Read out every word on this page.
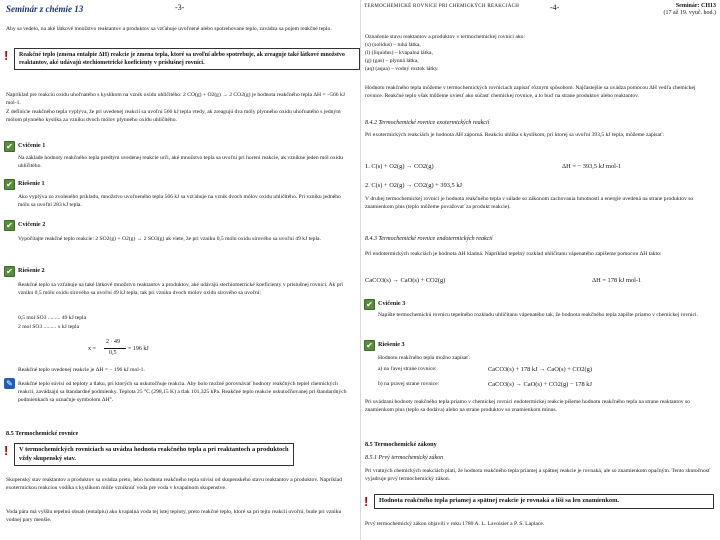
Seminár z chémie 13	-3-
Aby sa vedelo, na aké látkové množstvo reaktantov a produktov sa vzťahuje uvoľnené alebo spotrebované teplo, zavádza sa pojem reakčné teplo.
!	Reakčné teplo (zmena entalpie ΔH) reakcie je zmena tepla, ktoré sa uvoľní alebo spotrebuje, ak zreaguje také látkové množstvo reaktantov, aké udávajú stechiometrické koeficienty v príslušnej rovnici.
Napríklad pre reakciu oxidu uhoľnatého s kyslíkom na vznik oxidu uhličitého: 2 CO(g) + O2(g) → 2 CO2(g) je hodnota reakčného tepla ΔH = −566 kJ mol-1.
Z definície reakčného tepla vyplýva, že pri uvedenej reakcii sa uvoľní 566 kJ tepla vtedy, ak zreagujú dva móly plynného oxidu uhoľnatého s jedným mólom plynného kyslíka za vzniku dvoch mólov plynného oxidu uhličitého.
✔ Cvičenie 1
Na základe hodnoty reakčného tepla predtým uvedenej reakcie urči, aké množstvo tepla sa uvoľní pri horení reakcie, ak vznikne jeden mól oxidu uhličitého.
✔ Riešenie 1
Ako vyplýva zo zvoleného príkladu, množstvo uvoľneného tepla 566 kJ sa vzťahuje na vznik dvoch mólov oxidu uhličitého. Pri vzniku jedného mólu sa uvoľní 283 kJ tepla.
✔ Cvičenie 2
Vypočítajte reakčné teplo reakcie: 2 SO2(g) + O2(g) → 2 SO3(g) ak viete, že pri vzniku 0,5 mólu oxidu sírového sa uvoľní 49 kJ tepla.
✔ Riešenie 2
Reakčné teplo sa vzťahuje na také látkové množstvo reaktantov a produktov, aké udávajú stechiometrické koeficienty v príslušnej rovnici. Ak pri vzniku 0,5 mólu oxidu sírového sa uvoľní 49 kJ tepla, tak pri vzniku dvoch mólov oxidu sírového sa uvoľní:
0,5 mol SO3 ......... 49 kJ tepla
2 mol SO3 ......... x kJ tepla
x =
2 · 49
0,5
= 196 kJ
Reakčné teplo uvedenej reakcie je ΔH = − 196 kJ mol-1.
✎ Reakčné teplo súvisí od teploty a tlaku, pri ktorých sa uskutočňuje reakcia. Aby bolo možné porovnávať hodnoty reakčných tepiel chemických reakcií, zavádzajú sa štandardné podmienky. Teplota 25 °C (298,15 K) a tlak 101,325 kPa. Reakčné teplo reakcie uskutočňovanej pri štandardných podmienkach sa označuje symbolom ΔH°.
8.5 Termochemické rovnice
!	V termochemických rovniciach sa uvádza hodnota reakčného tepla a pri reaktantoch a produktoch vždy skupenský stav.
Skupenský stav reaktantov a produktov sa uvádza preto, lebo hodnota reakčného tepla súvisí od skupenského stavu reaktantov a produktov. Napríklad exotermickou reakciou vodíka s kyslíkom môže vzniknúť voda pre voda v kvapalnom skupenstve.
Voda pára má vyššiu tepelnú obsah (entalpiu) ako kvapalná voda tej istej teploty, preto reakčné teplo, ktoré sa pri tejto reakcii uvoľní, bude pri vzniku vodnej pary menšie.
TERMOCHEMICKÉ ROVNICE PRI CHEMICKÝCH REAKCIÁCH	-4-	Seminár: CH13
(17 až 19. vyuč. hod.)
Označenie stavu reaktantov a produktov v termochemickej rovnici ako:
(s) (solidus) – tuhá látka,
(l) (liquidus) – kvapalná látka,
(g) (gas) – plynná látka,
(aq) (aqua) – vodný roztok látky.
Hodnotu reakčného tepla môžeme v termochemických rovniciach zapísať rôznym spôsobom. Najčastejšie sa uvádza pomocou ΔH vedľa chemickej rovnice. Reakčné teplo však môžeme uviesť ako súčasť chemickej rovnice, a to buď na strane produktov alebo reaktantov.
8.4.2 Termochemické rovnice exotermických reakcií
Pri exotermických reakciách je hodnota ΔH záporná. Reakciu uhlíka s kyslíkom, pri ktorej sa uvoľní 393,5 kJ tepla, môžeme zapísať:
1. C(s) + O2(g) → CO2(g)	ΔH = − 393,5 kJ mol-1
2. C(s) + O2(g) → CO2(g) + 393,5 kJ
V druhej termochemickej rovnici je hodnota reakčného tepla v súlade so zákonom zachovania hmotnosti a energie uvedená na strane produktov so znamienkom plus (teplo môžeme považovať za produkt reakcie).
8.4.3 Termochemické rovnice endotermických reakcií
Pri endotermických reakciách je hodnota ΔH kladná. Napríklad tepelný rozklad uhličitanu vápenatého zapíšeme pomocou ΔH takto:
CaCO3(s) → CaO(s) + CO2(g)	ΔH = 178 kJ mol-1
✔ Cvičenie 3
Napíšte termochemickú rovnicu tepelného rozkladu uhličitanu vápenatého tak, že hodnota reakčného tepla zapíšte priamo v chemickej rovnici.
✔ Riešenie 3
Hodnotu reakčného tepla možno zapísať:
a) na ľavej strane rovnice:	CaCO3(s) + 178 kJ → CaO(s) + CO2(g)
b) na pravej strane rovnice:	CaCO3(s) → CaO(s) + CO2(g) − 178 kJ
Pri uvádzaní hodnoty reakčného tepla priamo v chemickej rovnici endotermickej reakcie píšeme hodnotu reakčného tepla na strane reaktantov so znamienkom plus (teplo sa dodáva) alebo na strane produktov so znamienkom mínus.
8.5 Termochemické zákony
8.5.1 Prvý termochemický zákon
Pri vratných chemických reakciách platí, že hodnota reakčného tepla priamej a spätnej reakcie je rovnaká, ale so znamienkom opačným. Tento skutočnosť vyjadruje prvý termochemický zákon.
!	Hodnota reakčného tepla priamej a spätnej reakcie je rovnaká a líši sa len znamienkom.
Prvý termochemický zákon objavili v roku 1780 A. L. Lavoisier a P. S. Laplace.
